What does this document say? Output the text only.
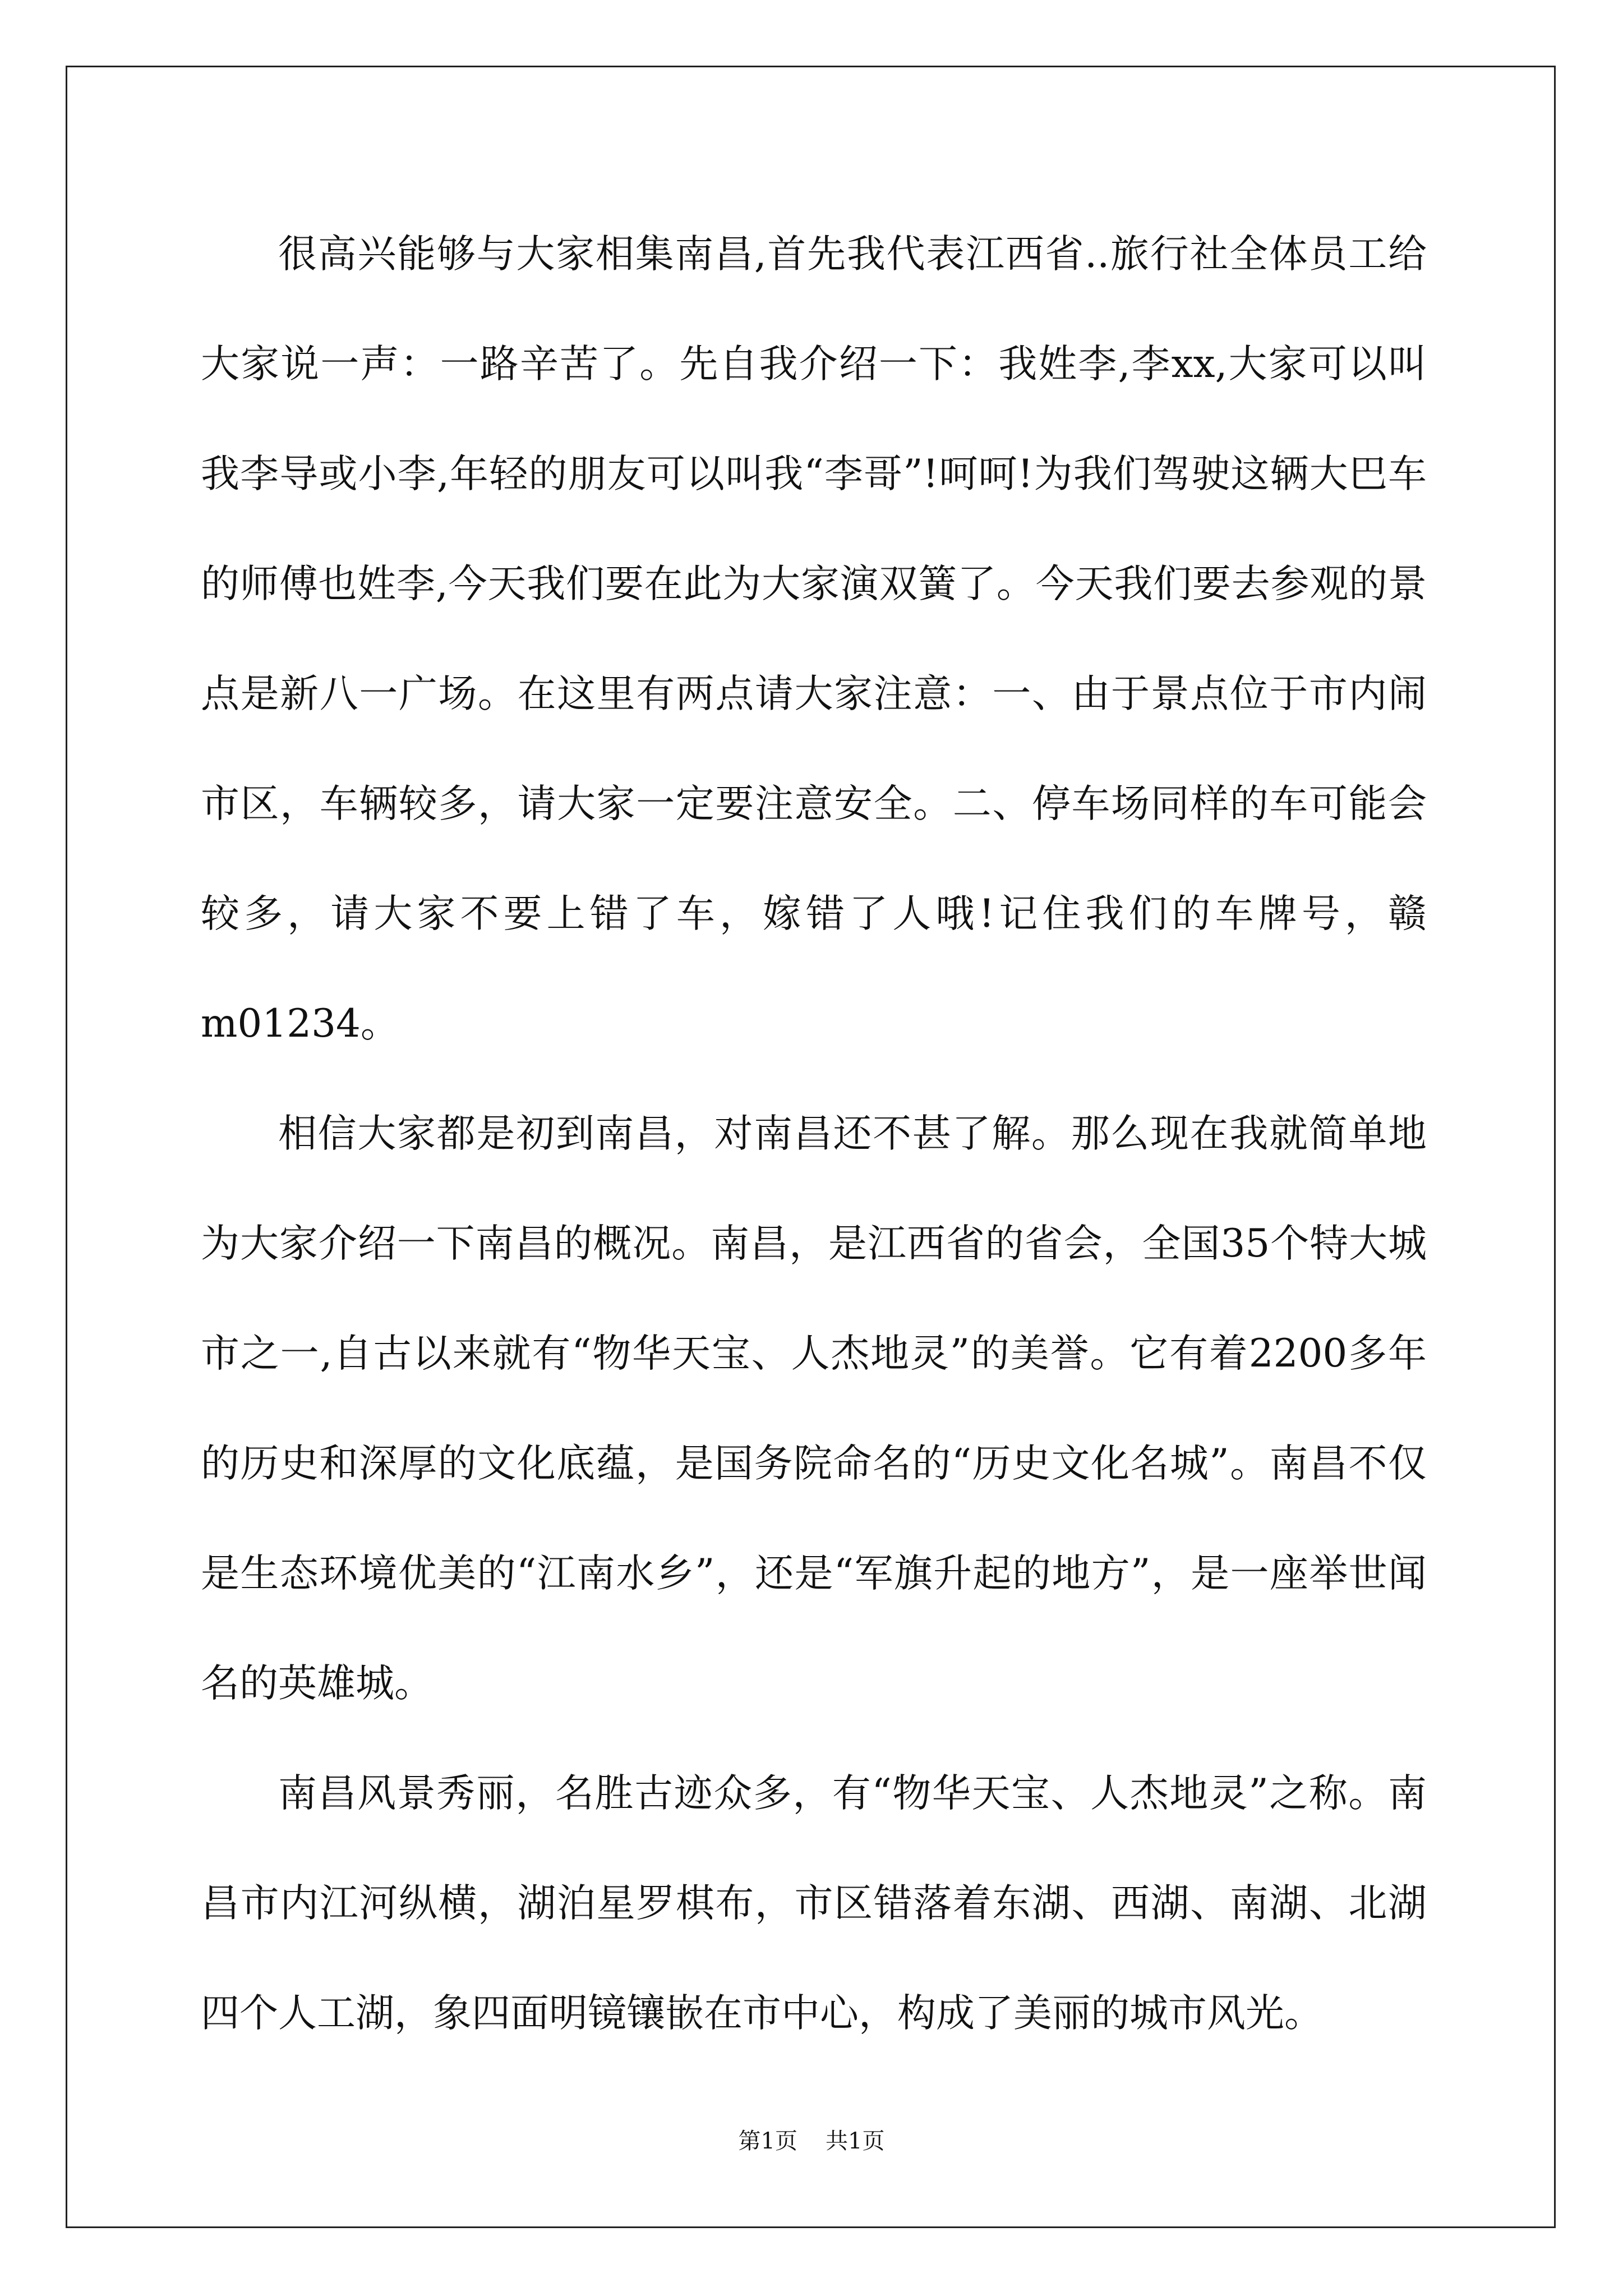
很高兴能够与大家相集南昌,首先我代表江西省..旅行社全体员工给大家说一声：一路辛苦了。先自我介绍一下：我姓李,李xx,大家可以叫我李导或小李,年轻的朋友可以叫我“李哥”!呵呵!为我们驾驶这辆大巴车的师傅也姓李,今天我们要在此为大家演双簧了。今天我们要去参观的景点是新八一广场。在这里有两点请大家注意：一、由于景点位于市内闹市区，车辆较多，请大家一定要注意安全。二、停车场同样的车可能会较多，请大家不要上错了车，嫁错了人哦!记住我们的车牌号，赣m01234。

相信大家都是初到南昌，对南昌还不甚了解。那么现在我就简单地为大家介绍一下南昌的概况。南昌，是江西省的省会，全国35个特大城市之一,自古以来就有“物华天宝、人杰地灵”的美誉。它有着2200多年的历史和深厚的文化底蕴，是国务院命名的“历史文化名城”。南昌不仅是生态环境优美的“江南水乡”，还是“军旗升起的地方”，是一座举世闻名的英雄城。

南昌风景秀丽，名胜古迹众多，有“物华天宝、人杰地灵”之称。南昌市内江河纵横，湖泊星罗棋布，市区错落着东湖、西湖、南湖、北湖四个人工湖，象四面明镜镶嵌在市中心，构成了美丽的城市风光。

第1页 共1页
